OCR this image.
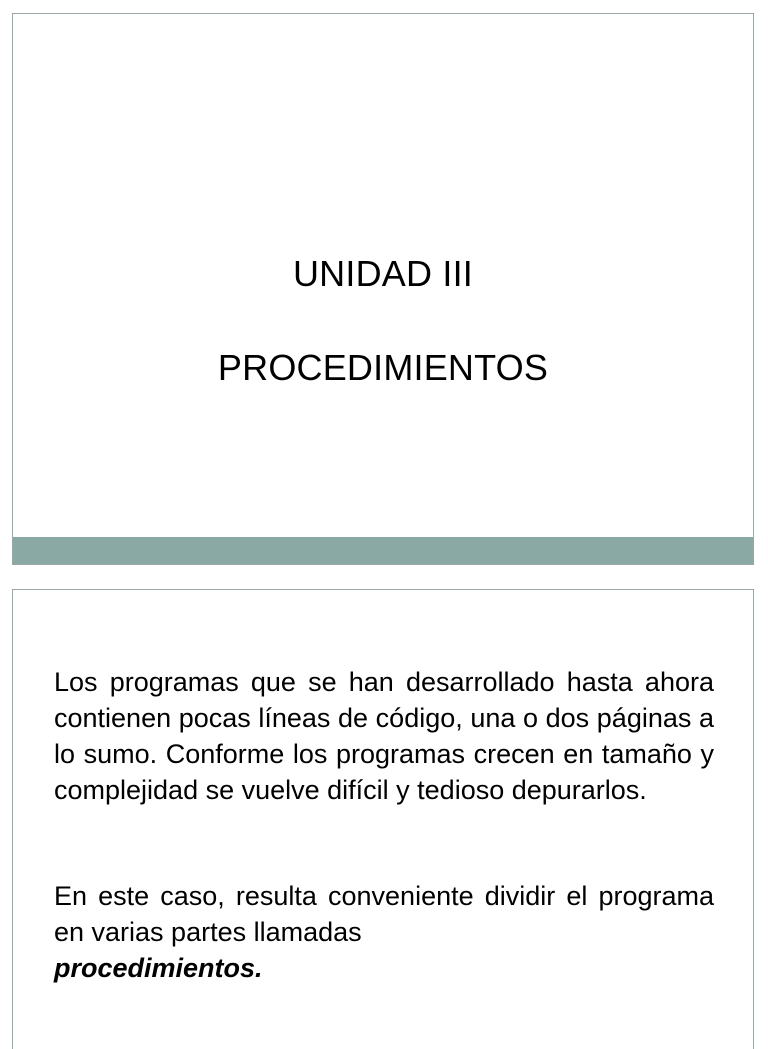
UNIDAD III
PROCEDIMIENTOS

Los programas que se han desarrollado hasta ahora contienen pocas líneas de código, una o dos páginas a lo sumo. Conforme los programas crecen en tamaño y complejidad se vuelve difícil y tedioso depurarlos.

En este caso, resulta conveniente dividir el programa en varias partes llamadas
procedimientos.
